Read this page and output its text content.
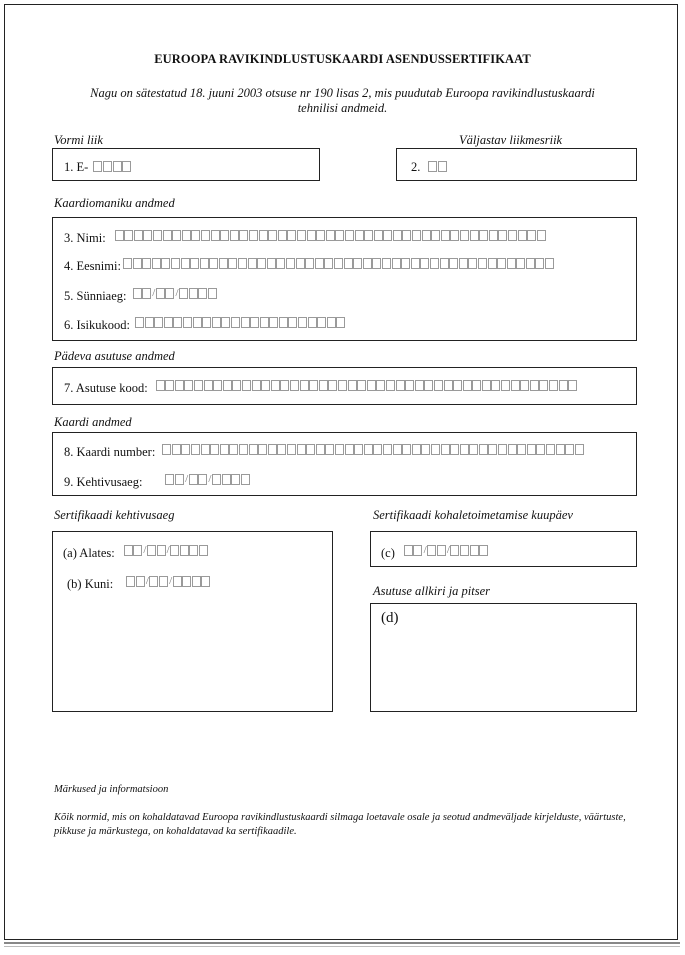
EUROOPA RAVIKINDLUSTUSKAARDI ASENDUSSERTIFIKAAT
Nagu on sätestatud 18. juuni 2003 otsuse nr 190 lisas 2, mis puudutab Euroopa ravikindlustuskaardi tehnilisi andmeid.
Vormi liik	Väljastav liikmesriik
1. E-	2.
Kaardiomaniku andmed
3. Nimi:
4. Eesnimi:
5. Sünniaeg: / /
6. Isikukood:
Pädeva asutuse andmed
7. Asutuse kood:
Kaardi andmed
8. Kaardi number:
9. Kehtivusaeg:	/ /
Sertifikaadi kehtivusaeg
(a) Alates:	/ /
(b) Kuni:	/ /
Sertifikaadi kohaletoimetamise kuupäev
(c)	/ /
Asutuse allkiri ja pitser
(d)
Märkused ja informatsioon
Kõik normid, mis on kohaldatavad Euroopa ravikindlustuskaardi silmaga loetavale osale ja seotud andmeväljade kirjelduste, väärtuste, pikkuse ja märkustega, on kohaldatavad ka sertifikaadile.
